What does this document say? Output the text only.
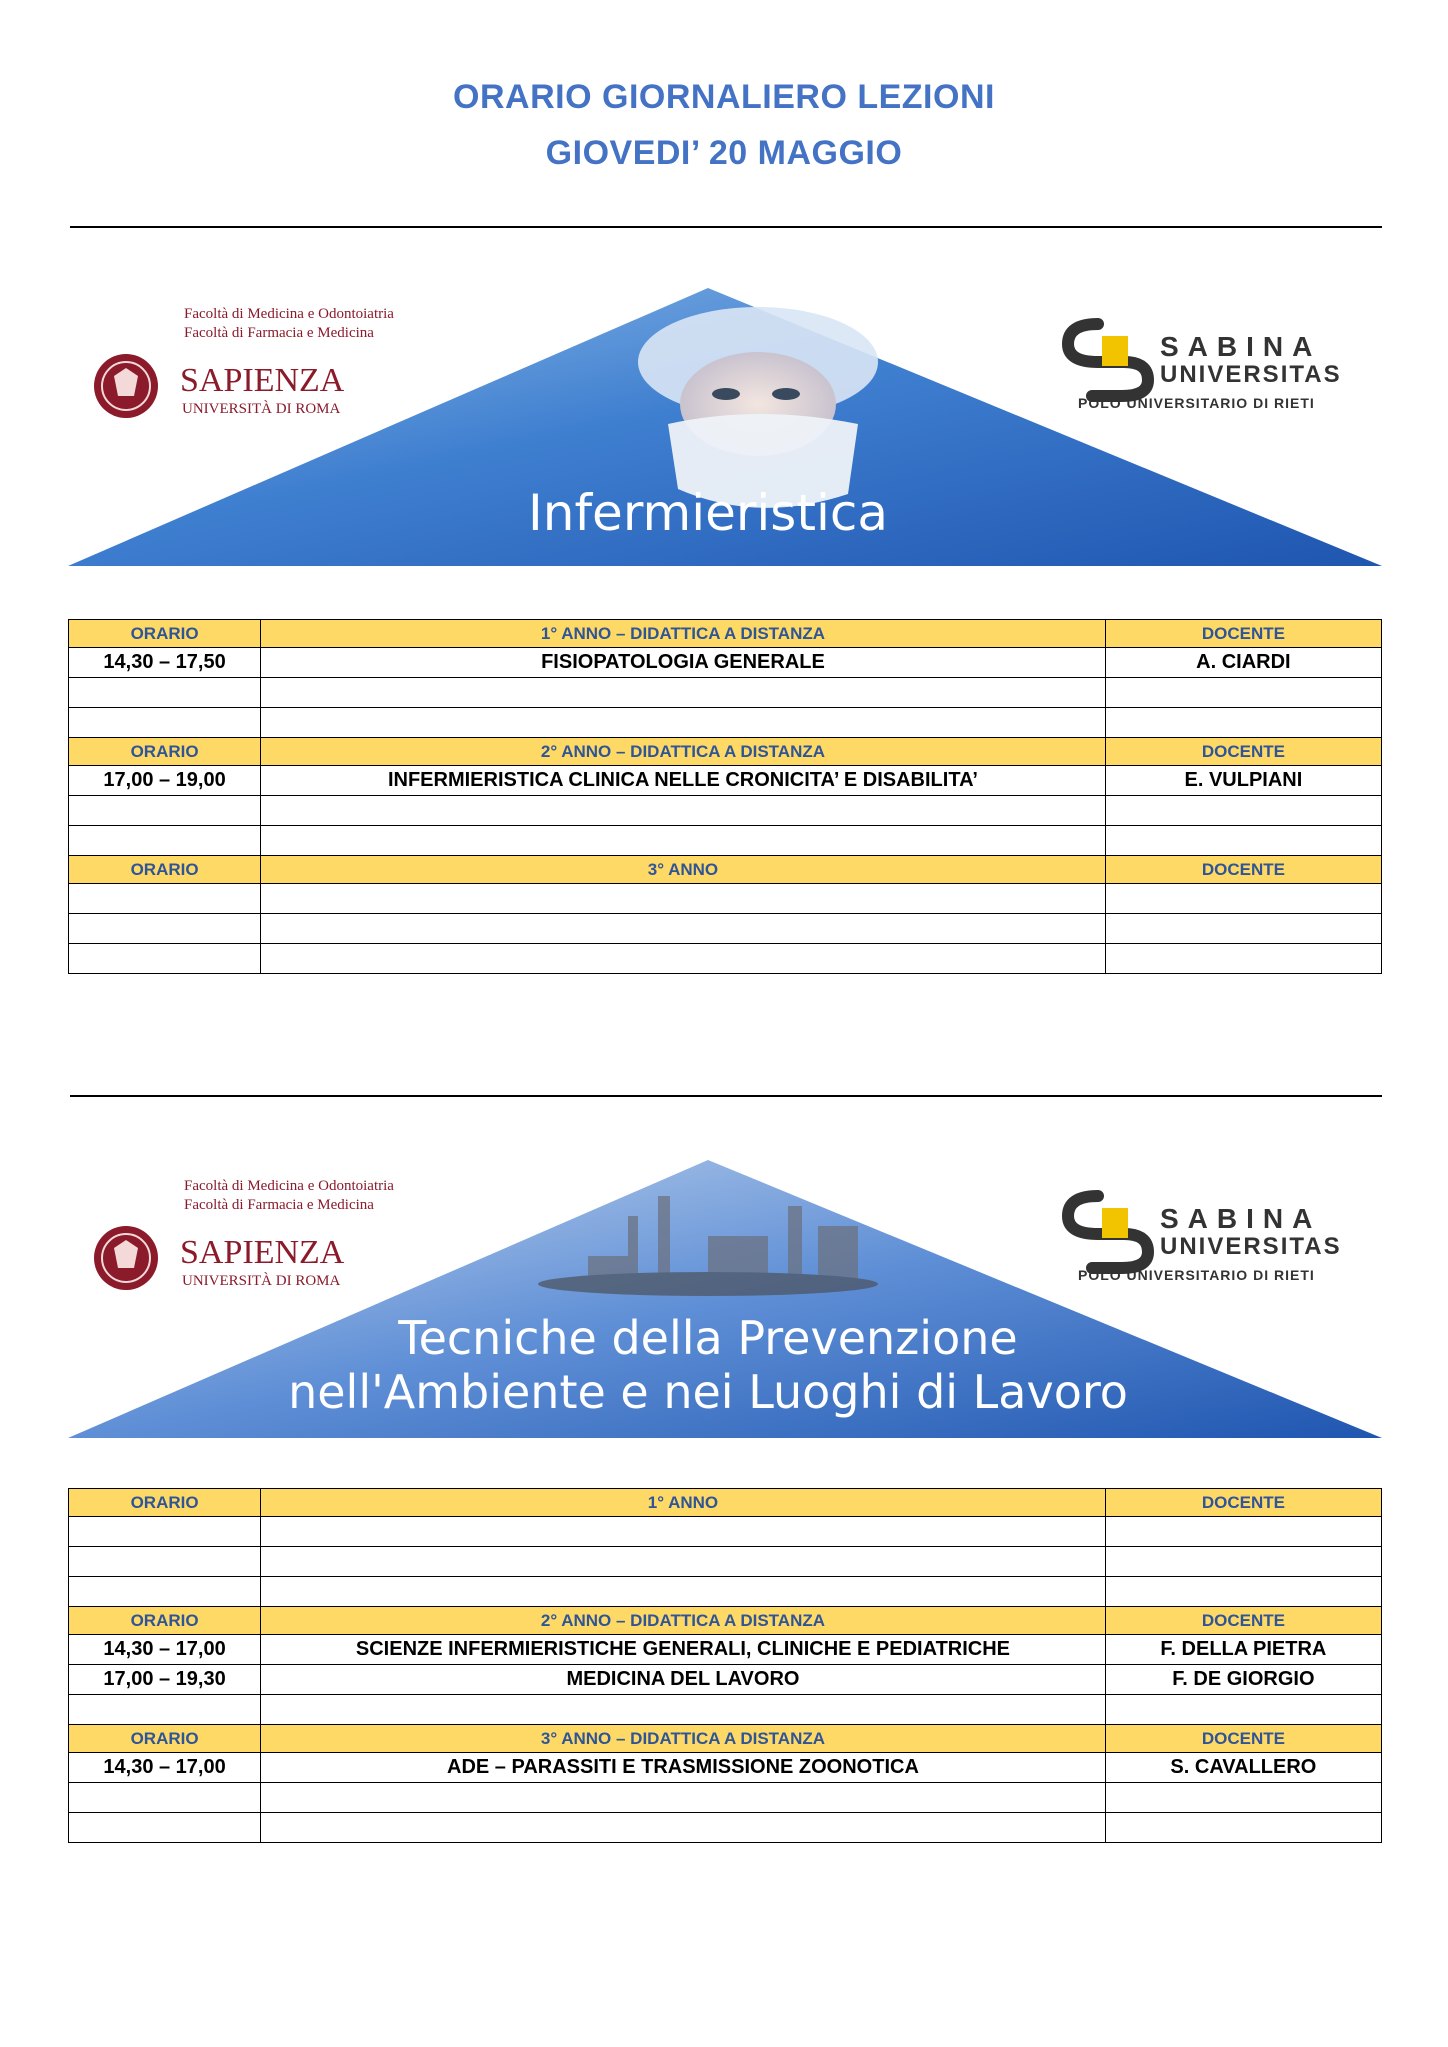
ORARIO GIORNALIERO LEZIONI
GIOVEDI’ 20 MAGGIO
Facoltà di Medicina e Odontoiatria
Facoltà di Farmacia e Medicina
SAPIENZA
UNIVERSITÀ DI ROMA
SABINA
UNIVERSITAS
POLO UNIVERSITARIO DI RIETI
Infermieristica
ORARIO	1° ANNO – DIDATTICA A DISTANZA	DOCENTE
14,30 – 17,50	FISIOPATOLOGIA GENERALE	A. CIARDI

ORARIO	2° ANNO – DIDATTICA A DISTANZA	DOCENTE
17,00 – 19,00	INFERMIERISTICA CLINICA NELLE CRONICITA’ E DISABILITA’	E. VULPIANI

ORARIO	3° ANNO	DOCENTE

Facoltà di Medicina e Odontoiatria
Facoltà di Farmacia e Medicina
SAPIENZA
UNIVERSITÀ DI ROMA
SABINA
UNIVERSITAS
POLO UNIVERSITARIO DI RIETI
Tecniche della Prevenzione
nell'Ambiente e nei Luoghi di Lavoro
ORARIO	1° ANNO	DOCENTE

ORARIO	2° ANNO – DIDATTICA A DISTANZA	DOCENTE
14,30 – 17,00	SCIENZE INFERMIERISTICHE GENERALI, CLINICHE E PEDIATRICHE	F. DELLA PIETRA
17,00 – 19,30	MEDICINA DEL LAVORO	F. DE GIORGIO

ORARIO	3° ANNO – DIDATTICA A DISTANZA	DOCENTE
14,30 – 17,00	ADE – PARASSITI E TRASMISSIONE ZOONOTICA	S. CAVALLERO
